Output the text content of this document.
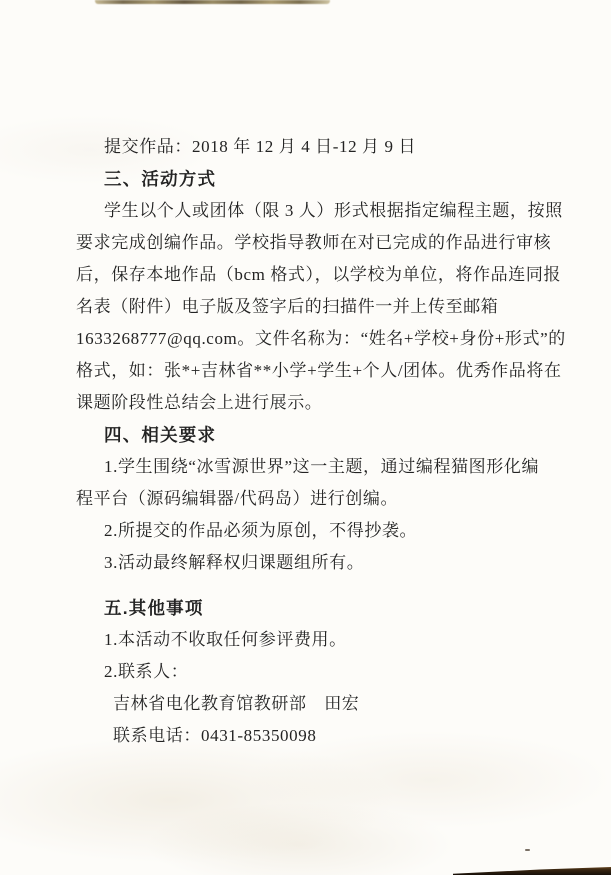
提交作品：2018 年 12 月 4 日-12 月 9 日
三、活动方式
学生以个人或团体（限 3 人）形式根据指定编程主题，按照
要求完成创编作品。学校指导教师在对已完成的作品进行审核
后，保存本地作品（bcm 格式），以学校为单位，将作品连同报
名表（附件）电子版及签字后的扫描件一并上传至邮箱
1633268777@qq.com。文件名称为：“姓名+学校+身份+形式”的
格式，如：张*+吉林省**小学+学生+个人/团体。优秀作品将在
课题阶段性总结会上进行展示。
四、相关要求
1.学生围绕“冰雪源世界”这一主题，通过编程猫图形化编
程平台（源码编辑器/代码岛）进行创编。
2.所提交的作品必须为原创，不得抄袭。
3.活动最终解释权归课题组所有。
五.其他事项
1.本活动不收取任何参评费用。
2.联系人：
吉林省电化教育馆教研部　田宏
联系电话：0431-85350098
